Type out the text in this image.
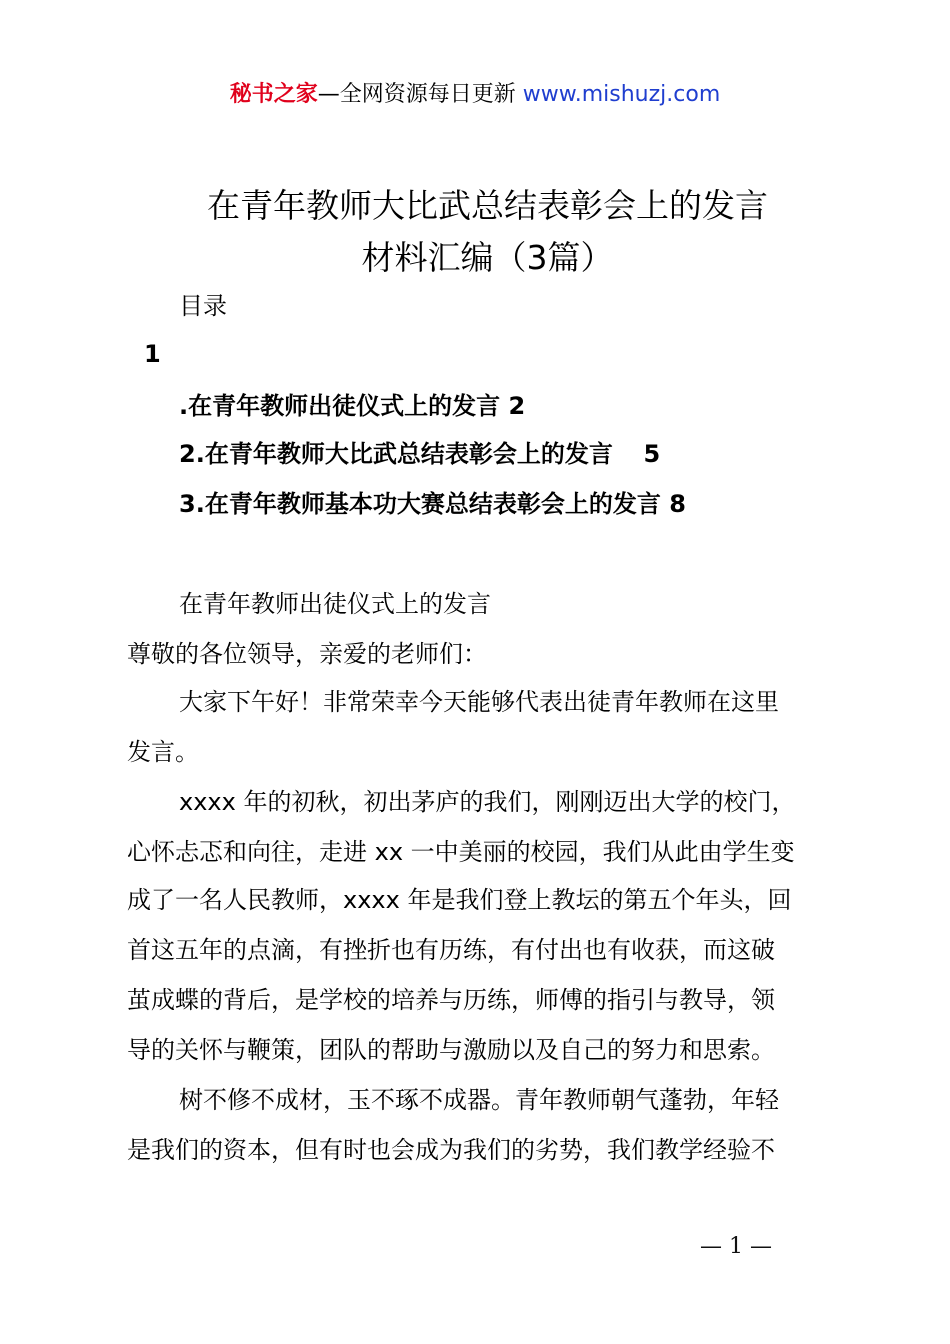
秘书之家—全网资源每日更新 www.mishuzj.com
在青年教师大比武总结表彰会上的发言
材料汇编（3篇）
目录
1
.在青年教师出徒仪式上的发言 2
2.在青年教师大比武总结表彰会上的发言 5
3.在青年教师基本功大赛总结表彰会上的发言 8
在青年教师出徒仪式上的发言
尊敬的各位领导，亲爱的老师们：
大家下午好！非常荣幸今天能够代表出徒青年教师在这里
发言。
xxxx 年的初秋，初出茅庐的我们，刚刚迈出大学的校门，
心怀忐忑和向往，走进 xx 一中美丽的校园，我们从此由学生变
成了一名人民教师，xxxx 年是我们登上教坛的第五个年头，回
首这五年的点滴，有挫折也有历练，有付出也有收获，而这破
茧成蝶的背后，是学校的培养与历练，师傅的指引与教导，领
导的关怀与鞭策，团队的帮助与激励以及自己的努力和思索。
树不修不成材，玉不琢不成器。青年教师朝气蓬勃，年轻
是我们的资本，但有时也会成为我们的劣势，我们教学经验不
— 1 —
